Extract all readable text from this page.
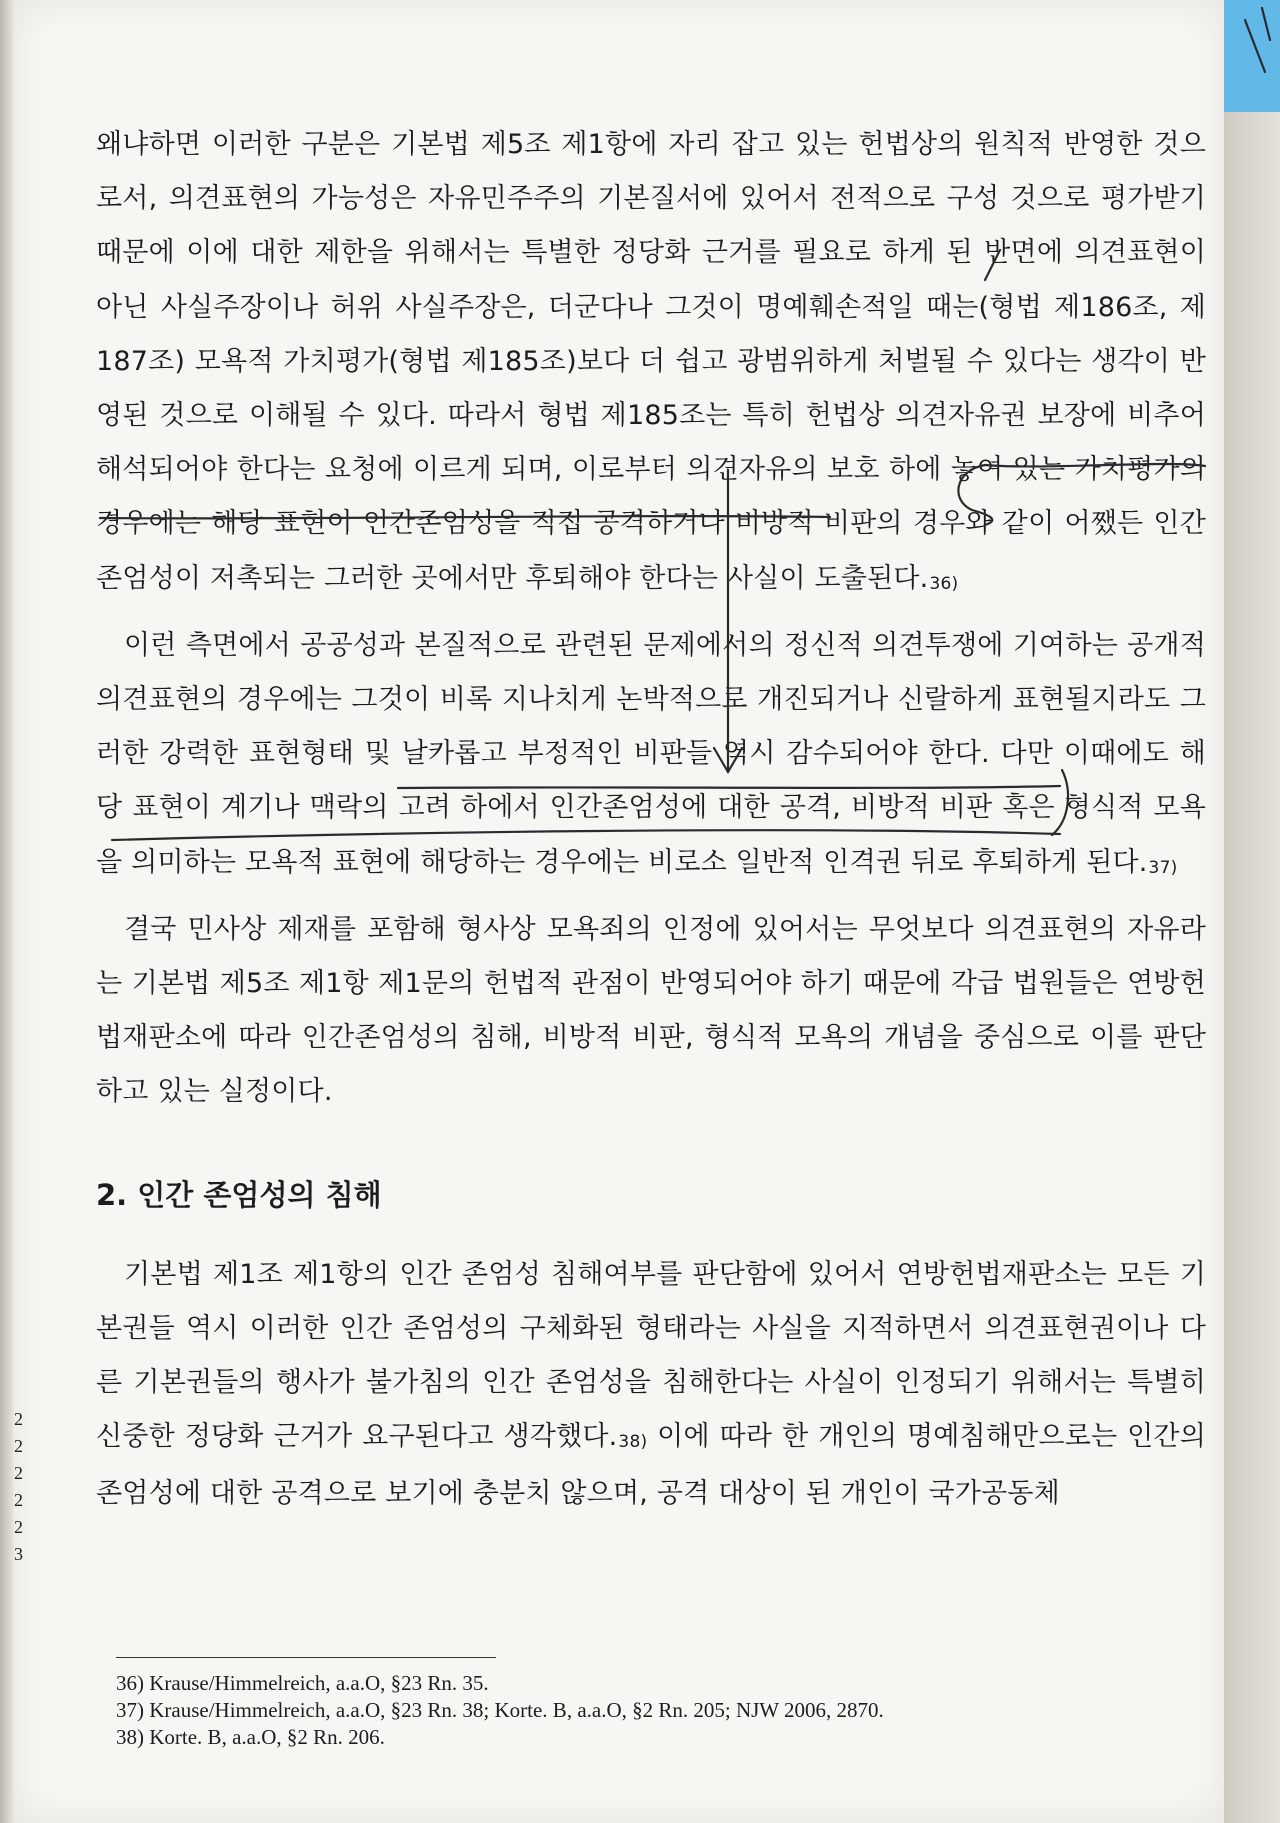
왜냐하면 이러한 구분은 기본법 제5조 제1항에 자리 잡고 있는 헌법상의 원칙적 반영한 것으로서, 의견표현의 가능성은 자유민주주의 기본질서에 있어서 전적으로 구성 것으로 평가받기 때문에 이에 대한 제한을 위해서는 특별한 정당화 근거를 필요로 하게 된 반면에 의견표현이 아닌 사실주장이나 허위 사실주장은, 더군다나 그것이 명예훼손적일 때는(형법 제186조, 제187조) 모욕적 가치평가(형법 제185조)보다 더 쉽고 광범위하게 처벌될 수 있다는 생각이 반영된 것으로 이해될 수 있다. 따라서 형법 제185조는 특히 헌법상 의견자유권 보장에 비추어 해석되어야 한다는 요청에 이르게 되며, 이로부터 의견자유의 보호 하에 놓여 있는 가치평가의 경우에는 해당 표현이 인간존엄성을 직접 공격하거나 비방적 비판의 경우와 같이 어쨌든 인간존엄성이 저촉되는 그러한 곳에서만 후퇴해야 한다는 사실이 도출된다.$^{36)}$

이런 측면에서 공공성과 본질적으로 관련된 문제에서의 정신적 의견투쟁에 기여하는 공개적 의견표현의 경우에는 그것이 비록 지나치게 논박적으로 개진되거나 신랄하게 표현될지라도 그러한 강력한 표현형태 및 날카롭고 부정적인 비판들 역시 감수되어야 한다. 다만 이때에도 해당 표현이 계기나 맥락의 고려 하에서 인간존엄성에 대한 공격, 비방적 비판 혹은 형식적 모욕을 의미하는 모욕적 표현에 해당하는 경우에는 비로소 일반적 인격권 뒤로 후퇴하게 된다.$^{37)}$

결국 민사상 제재를 포함해 형사상 모욕죄의 인정에 있어서는 무엇보다 의견표현의 자유라는 기본법 제5조 제1항 제1문의 헌법적 관점이 반영되어야 하기 때문에 각급 법원들은 연방헌법재판소에 따라 인간존엄성의 침해, 비방적 비판, 형식적 모욕의 개념을 중심으로 이를 판단하고 있는 실정이다.

2. 인간 존엄성의 침해

기본법 제1조 제1항의 인간 존엄성 침해여부를 판단함에 있어서 연방헌법재판소는 모든 기본권들 역시 이러한 인간 존엄성의 구체화된 형태라는 사실을 지적하면서 의견표현권이나 다른 기본권들의 행사가 불가침의 인간 존엄성을 침해한다는 사실이 인정되기 위해서는 특별히 신중한 정당화 근거가 요구된다고 생각했다.$^{38)}$ 이에 따라 한 개인의 명예침해만으로는 인간의 존엄성에 대한 공격으로 보기에 충분치 않으며, 공격 대상이 된 개인이 국가공동체

36) Krause/Himmelreich, a.a.O, §23 Rn. 35.
37) Krause/Himmelreich, a.a.O, §23 Rn. 38; Korte. B, a.a.O, §2 Rn. 205; NJW 2006, 2870.
38) Korte. B, a.a.O, §2 Rn. 206.
2
2
2
2
2
3
